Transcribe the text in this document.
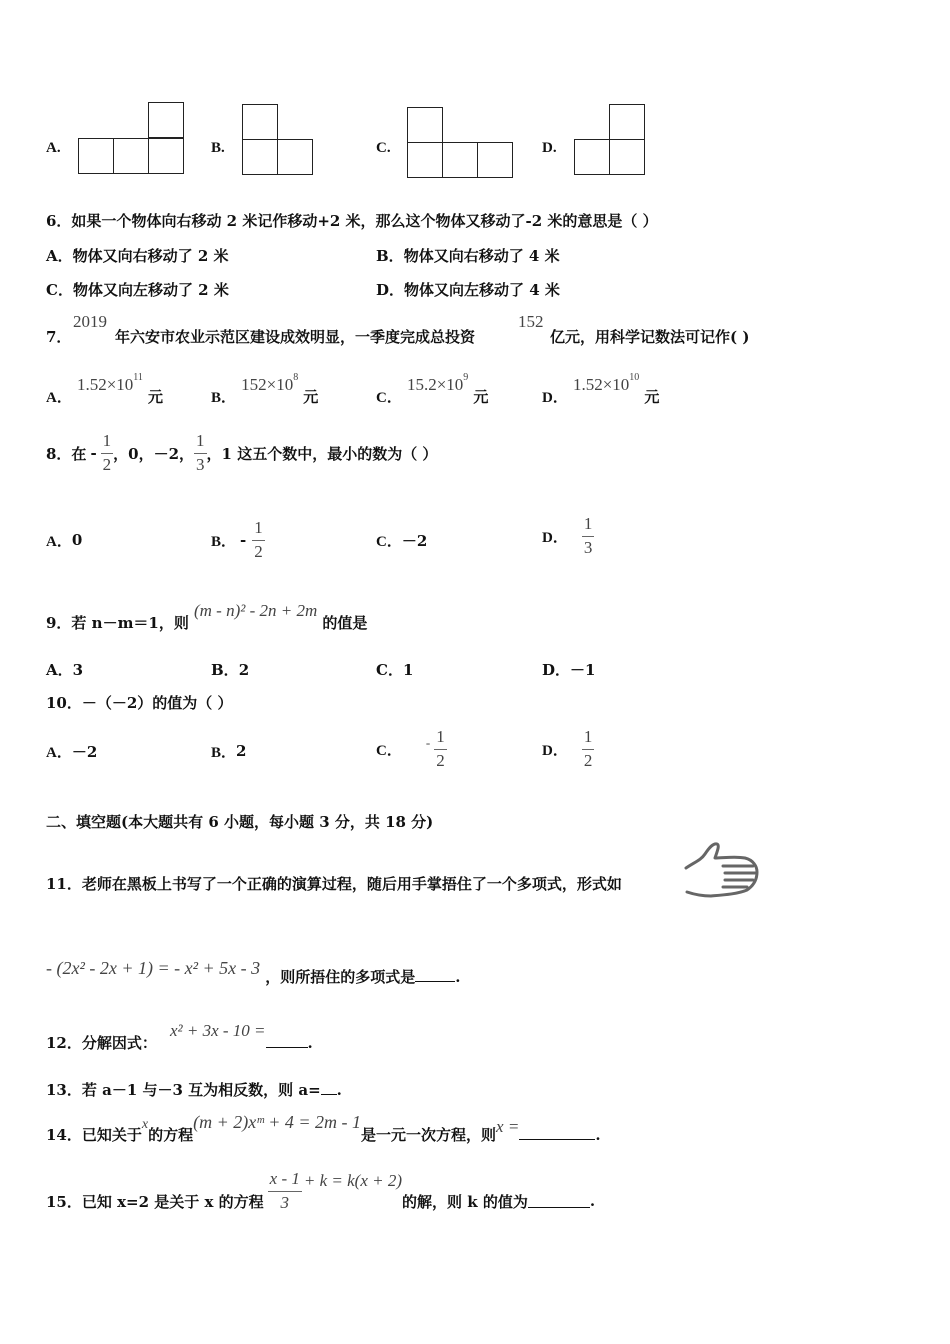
A.	B.	C.	D.
6．如果一个物体向右移动 2 米记作移动+2 米，那么这个物体又移动了-2 米的意思是（ ）
A．物体又向右移动了 2 米	B．物体又向右移动了 4 米
C．物体又向左移动了 2 米	D．物体又向左移动了 4 米
7．
2019
年六安市农业示范区建设成效明显，一季度完成总投资
152
亿元，用科学记数法可记作( )
A． $1.52\times 10^{11}$ 元	B． $152\times 10^8$ 元	C． $15.2\times 10^9$ 元	D． $1.52\times 10^{10}$ 元
8．在 - $\frac{1}{2}$ ，0，－2， $\frac{1}{3}$ ，1 这五个数中，最小的数为（ ）
A． 0	B． - $\frac{1}{2}$	C． －2	D． $\frac{1}{3}$
9．若 n－m＝1，则 (m - n)² - 2n + 2m 的值是
A．3	B．2	C．1	D．－1
10．－（－2）的值为（ ）
A． －2	B． 2	C． - $\frac{1}{2}$	D． $\frac{1}{2}$
二、填空题(本大题共有 6 小题，每小题 3 分，共 18 分)
11．老师在黑板上书写了一个正确的演算过程，随后用手掌捂住了一个多项式，形式如
- (2x² - 2x + 1) = - x² + 5x - 3 ，则所捂住的多项式是	.
12．分解因式： x² + 3x - 10 =.
13．若 a－1 与－3 互为相反数，则 a= .
14．已知关于x的方程(m + 2)xᵐ + 4 = 2m - 1是一元一次方程，则x =	.
15．已知 x=2 是关于 x 的方程 $\frac{x - 1}{3} + k = k(x + 2)$
的解，则 k 的值为	.
